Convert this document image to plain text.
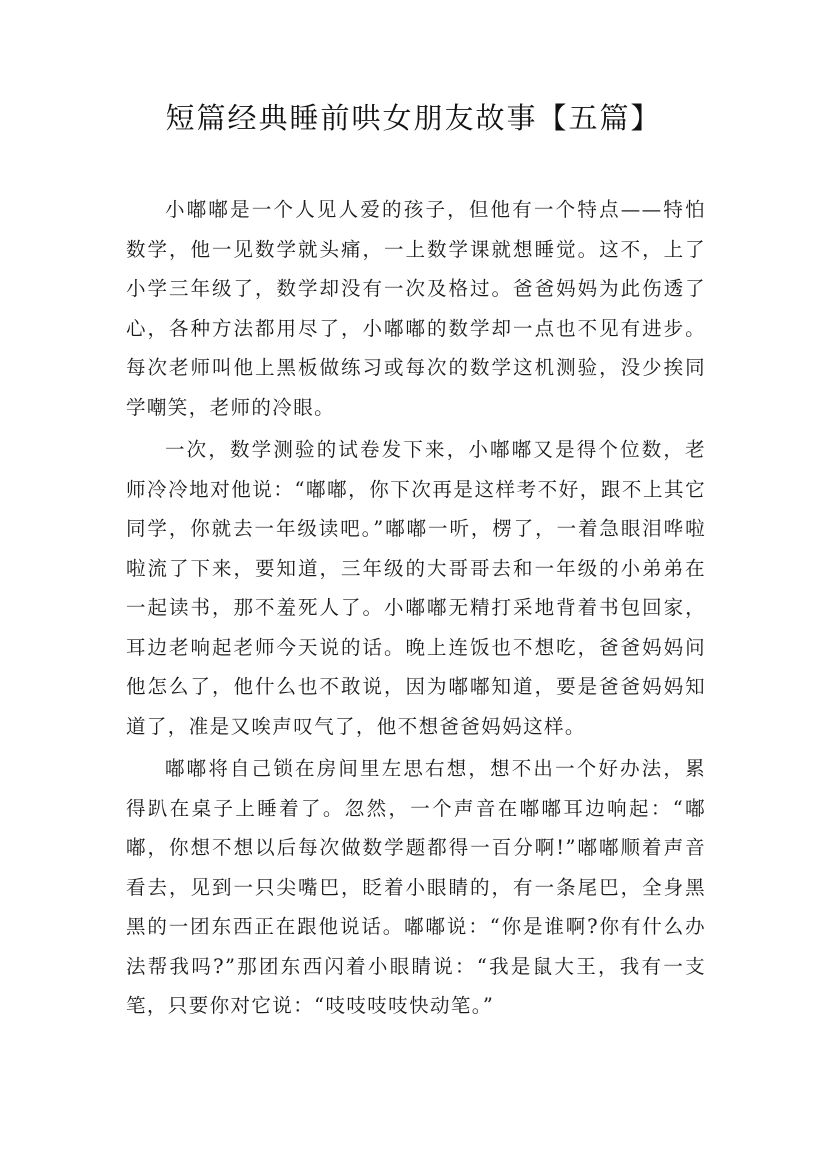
短篇经典睡前哄女朋友故事【五篇】

小嘟嘟是一个人见人爱的孩子，但他有一个特点——特怕数学，他一见数学就头痛，一上数学课就想睡觉。这不，上了小学三年级了，数学却没有一次及格过。爸爸妈妈为此伤透了心，各种方法都用尽了，小嘟嘟的数学却一点也不见有进步。每次老师叫他上黑板做练习或每次的数学这机测验，没少挨同学嘲笑，老师的冷眼。

一次，数学测验的试卷发下来，小嘟嘟又是得个位数，老师冷冷地对他说：“嘟嘟，你下次再是这样考不好，跟不上其它同学，你就去一年级读吧。”嘟嘟一听，楞了，一着急眼泪哗啦啦流了下来，要知道，三年级的大哥哥去和一年级的小弟弟在一起读书，那不羞死人了。小嘟嘟无精打采地背着书包回家，耳边老响起老师今天说的话。晚上连饭也不想吃，爸爸妈妈问他怎么了，他什么也不敢说，因为嘟嘟知道，要是爸爸妈妈知道了，准是又唉声叹气了，他不想爸爸妈妈这样。

嘟嘟将自己锁在房间里左思右想，想不出一个好办法，累得趴在桌子上睡着了。忽然，一个声音在嘟嘟耳边响起：“嘟嘟，你想不想以后每次做数学题都得一百分啊!”嘟嘟顺着声音看去，见到一只尖嘴巴，眨着小眼睛的，有一条尾巴，全身黑黑的一团东西正在跟他说话。嘟嘟说：“你是谁啊?你有什么办法帮我吗?”那团东西闪着小眼睛说：“我是鼠大王，我有一支笔，只要你对它说：“吱吱吱吱快动笔。”
